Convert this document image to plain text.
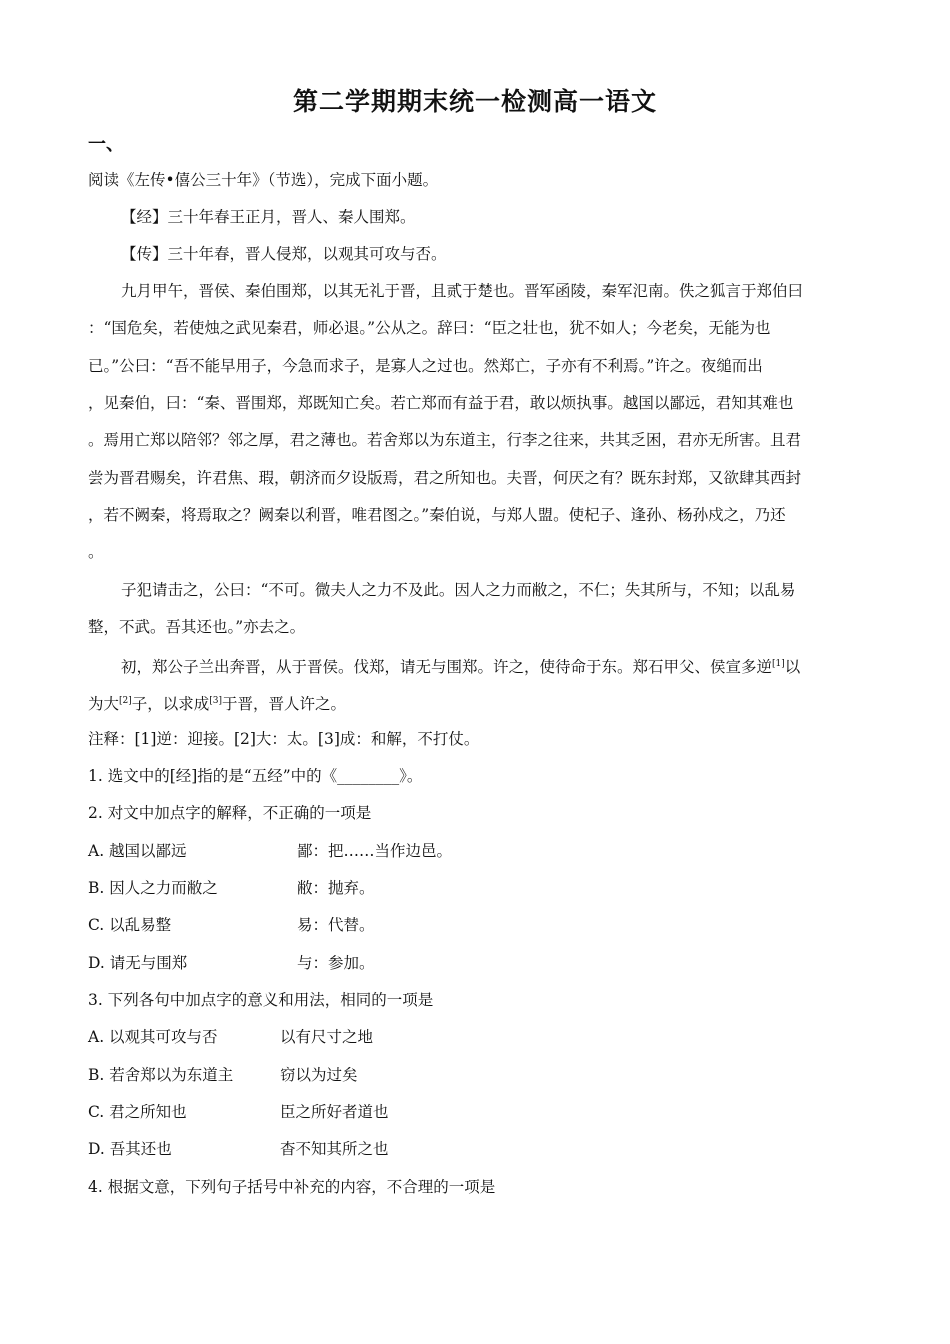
第二学期期末统一检测高一语文
一、
阅读《左传•僖公三十年》（节选），完成下面小题。
【经】三十年春王正月，晋人、秦人围郑。
【传】三十年春，晋人侵郑，以观其可攻与否。
九月甲午，晋侯、秦伯围郑，以其无礼于晋，且贰于楚也。晋军函陵，秦军氾南。佚之狐言于郑伯曰
：“国危矣，若使烛之武见秦君，师必退。”公从之。辞曰：“臣之壮也，犹不如人；今老矣，无能为也
已。”公曰：“吾不能早用子，今急而求子，是寡人之过也。然郑亡，子亦有不利焉。”许之。夜缒而出
，见秦伯，曰：“秦、晋围郑，郑既知亡矣。若亡郑而有益于君，敢以烦执事。越国以鄙远，君知其难也
。焉用亡郑以陪邻？邻之厚，君之薄也。若舍郑以为东道主，行李之往来，共其乏困，君亦无所害。且君
尝为晋君赐矣，许君焦、瑕，朝济而夕设版焉，君之所知也。夫晋，何厌之有？既东封郑，又欲肆其西封
，若不阙秦，将焉取之？阙秦以利晋，唯君图之。”秦伯说，与郑人盟。使杞子、逢孙、杨孙戍之，乃还
。
子犯请击之，公曰：“不可。微夫人之力不及此。因人之力而敝之，不仁；失其所与，不知；以乱易
整，不武。吾其还也。”亦去之。
初，郑公子兰出奔晋，从于晋侯。伐郑，请无与围郑。许之，使待命于东。郑石甲父、侯宣多逆[1]以
为大[2]子，以求成[3]于晋，晋人许之。
注释：[1]逆：迎接。[2]大：太。[3]成：和解，不打仗。
1. 选文中的[经]指的是“五经”中的《________》。
2. 对文中加点字的解释，不正确的一项是
A. 越国以鄙远	鄙：把……当作边邑。
B. 因人之力而敝之	敝：抛弃。
C. 以乱易整	易：代替。
D. 请无与围郑	与：参加。
3. 下列各句中加点字的意义和用法，相同的一项是
A. 以观其可攻与否	以有尺寸之地
B. 若舍郑以为东道主	窃以为过矣
C. 君之所知也	臣之所好者道也
D. 吾其还也	杳不知其所之也
4. 根据文意，下列句子括号中补充的内容，不合理的一项是
